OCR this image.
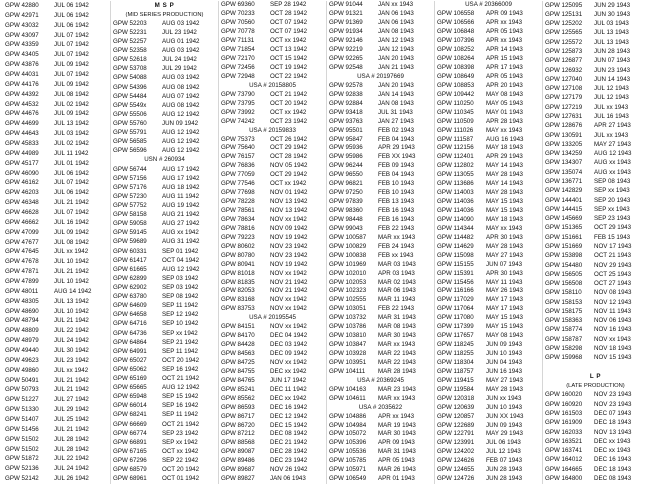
GPW 42880	JUL 06 1942
GPW 42971	JUL 06 1942
GPW 43032	JUL 06 1942
GPW 43097	JUL 07 1942
GPW 43359	JUL 07 1942
GPW 43405	JUL 07 1942
GPW 43876	JUL 09 1942
GPW 44031	JUL 07 1942
GPW 44176	JUL 09 1942
GPW 44392	JUL 08 1942
GPW 44532	JUL 02 1942
GPW 44676	JUL 09 1942
GPW 44699	JUL 13 1942
GPW 44643	JUL 03 1942
GPW 45833	JUL 02 1942
GPW 44989	JUL 11 1942
GPW 45177	JUL 01 1942
GPW 46090	JUL 06 1942
GPW 46162	JUL 07 1942
GPW 46203	JUL 06 1942
GPW 46348	JUL 21 1942
GPW 46628	JUL 07 1942
GPW 46662	JUL 16 1942
GPW 47099	JUL 09 1942
GPW 47677	JUL 08 1942
GPW 47645	JUL xx 1942
GPW 47678	JUL 10 1942
GPW 47871	JUL 21 1942
GPW 47899	JUL 10 1942
GPW 48011	AUG 14 1942
GPW 48305	JUL 13 1942
GPW 48690	JUL 10 1942
GPW 48794	JUL 21 1942
GPW 48809	JUL 22 1942
GPW 48979	JUL 24 1942
GPW 49440	JUL 30 1942
GPW 49623	JUL 23 1942
GPW 49860	JUL xx 1942
GPW 50491	JUL 21 1942
GPW 50793	JUL 21 1942
GPW 51227	JUL 27 1942
GPW 51330	JUL 29 1942
GPW 51407	JUL 25 1942
GPW 51456	JUL 21 1942
GPW 51502	JUL 28 1942
GPW 51502	JUL 28 1942
GPW 51872	JUL 22 1942
GPW 52136	JUL 24 1942
GPW 52142	JUL 26 1942
M S P
(MID SERIES PRODUCTION)
GPW 52203	AUG 03 1942
GPW 52231	JUL 23 1942
GPW 52257	AUG 01 1942
GPW 52358	AUG 03 1942
GPW 52618	JUL 24 1942
GPW 53708	JUL 29 1942
GPW 54088	AUG 03 1942
GPW 54396	AUG 08 1942
GPW 54484	AUG 07 1942
GPW 5549x	AUG 08 1942
GPW 55506	AUG 12 1942
GPW 55760	JUN 09 1942
GPW 55791	AUG 12 1942
GPW 56585	AUG 12 1942
GPW 56596	AUG 12 1942
USN # 260934
GPW 56744	AUG 17 1942
GPW 57156	AUG 17 1942
GPW 57176	AUG 18 1942
GPW 57230	AUG 11 1942
GPW 57752	AUG 19 1942
GPW 58158	AUG 21 1942
GPW 59058	AUG 27 1942
GPW 59145	AUG xx 1942
GPW 59689	AUG 31 1942
GPW 60331	SEP 01 1942
GPW 61417	OCT 04 1942
GPW 61665	AUG 12 1942
GPW 62899	SEP 03 1942
GPW 62902	SEP 03 1942
GPW 63780	SEP 08 1942
GPW 64609	SEP 11 1942
GPW 64658	SEP 12 1942
GPW 64716	SEP 10 1942
GPW 64736	SEP xx 1942
GPW 64864	SEP 21 1942
GPW 64991	SEP 11 1942
GPW 65027	OCT 20 1942
GPW 65062	SEP 16 1942
GPW 65169	OCT 21 1942
GPW 65665	AUG 12 1942
GPW 65948	SEP 15 1942
GPW 66014	SEP 16 1942
GPW 68241	SEP 11 1942
GPW 66669	OCT 21 1942
GPW 66774	SEP 23 1942
GPW 66891	SEP xx 1942
GPW 67165	OCT xx 1942
GPW 67296	SEP 22 1942
GPW 68579	OCT 20 1942
GPW 68961	OCT 01 1942
GPW 69360	SEP 28 1942
GPW 70233	OCT 28 1942
GPW 70560	OCT 07 1942
GPW 70778	OCT 07 1942
GPW 71131	OCT xx 1942
GPW 71854	OCT 13 1942
GPW 72170	OCT 15 1942
GPW 72456	OCT 19 1942
GPW 72948	OCT 22 1942
USA # 20158805
GPW 73790	OCT 21 1942
GPW 73795	OCT 20 1942
GPW 73992	OCT xx 1942
GPW 74242	OCT 23 1942
USA # 20159833
GPW 75373	OCT 26 1942
GPW 75640	OCT 29 1942
GPW 76157	OCT 28 1942
GPW 76836	NOV 05 1942
GPW 77059	OCT 29 1942
GPW 77546	OCT xx 1942
GPW 77698	NOV 01 1942
GPW 78228	NOV 13 1942
GPW 78561	NOV 13 1942
GPW 78634	NOV xx 1942
GPW 78816	NOV 09 1942
GPW 79223	NOV 19 1942
GPW 80602	NOV 23 1942
GPW 80780	NOV 23 1942
GPW 80941	NOV 19 1942
GPW 81018	NOV xx 1942
GPW 81835	NOV 21 1942
GPW 82053	NOV 21 1942
GPW 83168	NOV xx 1942
GPW 83753	NOV xx 1942
USA # 20195545
GPW 84151	NOV xx 1942
GPW 84170	DEC 04 1942
GPW 84428	DEC 03 1942
GPW 84563	DEC 09 1942
GPW 84725	NOV xx 1942
GPW 84755	DEC xx 1942
GPW 84765	JUN 17 1942
GPW 85241	DEC 11 1942
GPW 85562	DEC xx 1942
GPW 86593	DEC 16 1942
GPW 86717	DEC 12 1942
GPW 86720	DEC 15 1942
GPW 87212	DEC 08 1942
GPW 88568	DEC 21 1942
GPW 89087	DEC 28 1942
GPW 89486	DEC 23 1942
GPW 89687	NOV 26 1942
GPW 89827	JAN 06 1943
GPW 91044	JAN xx 1943
GPW 91321	JAN 06 1943
GPW 91369	JAN 06 1943
GPW 91934	JAN 08 1943
GPW 92146	JAN 12 1943
GPW 92219	JAN 12 1943
GPW 92265	JAN 20 1943
GPW 92548	JAN 21 1943
USA # 20197669
GPW 92578	JAN 20 1943
GPW 92838	JAN 14 1943
GPW 92884	JAN 08 1943
GPW 93418	JUL 31 1943
GPW 93763	JAN 27 1943
GPW 95501	FEB 02 1943
GPW 95847	FEB 04 1943
GPW 95936	APR 29 1943
GPW 95986	FEB XX 1943
GPW 96244	FEB 09 1943
GPW 96550	FEB 04 1943
GPW 96821	FEB 10 1943
GPW 97250	FEB 10 1943
GPW 97839	FEB 13 1943
GPW 98360	FEB 16 1943
GPW 98448	FEB 16 1943
GPW 99043	FEB 22 1943
GPW 100587	MAR xx 1943
GPW 100829	FEB 24 1943
GPW 100838	FEB xx 1943
GPW 101969	MAR 03 1943
GPW 102010	APR 03 1943
GPW 102053	MAR 02 1943
GPW 102323	MAR 06 1943
GPW 102555	MAR 11 1943
GPW 103051	FEB 22 1943
GPW 103732	MAR 31 1943
GPW 103786	MAR 08 1943
GPW 103810	MAR 30 1943
GPW 103847	MAR xx 1943
GPW 103928	MAR 22 1943
GPW 103951	MAR 22 1943
GPW 104111	MAR 28 1943
USA # 20369245
GPW 104163	MAR 23 1943
GPW 104611	MAR xx 1943
USA # 2035622
GPW 104886	APR xx 1943
GPW 104984	MAR 19 1943
GPW 105072	MAR 30 1943
GPW 105396	APR 09 1943
GPW 105536	MAR 31 1943
GPW 105785	APR 05 1943
GPW 105971	MAR 26 1943
GPW 106549	APR 01 1943
USA # 20366009
GPW 106558	APR 09 1943
GPW 106566	APR xx 1943
GPW 106848	APR 05 1943
GPW 107396	APR xx 1943
GPW 108252	APR 14 1943
GPW 108264	APR 15 1943
GPW 108398	APR 17 1943
GPW 108649	APR 05 1943
GPW 108853	APR 20 1943
GPW 109442	MAY 08 1943
GPW 110250	MAY 05 1943
GPW 110345	MAY 01 1943
GPW 110509	APR 28 1943
GPW 111026	MAY xx 1943
GPW 111587	AUG 16 1943
GPW 112156	MAY 18 1943
GPW 112401	APR 29 1943
GPW 112802	MAY 14 1943
GPW 113055	MAY 28 1943
GPW 113686	MAY 14 1943
GPW 114003	MAY 28 1943
GPW 114036	MAY 15 1943
GPW 114036	MAY 15 1943
GPW 114090	MAY 18 1943
GPW 114344	MAY xx 1943
GPW 114482	APR 30 1943
GPW 114629	MAY 28 1943
GPW 115098	MAY 27 1943
GPW 115155	JUN 07 1943
GPW 115391	APR 30 1943
GPW 115456	MAY 11 1943
GPW 116166	MAY 26 1943
GPW 117029	MAY 17 1943
GPW 117064	MAY 17 1943
GPW 117080	MAY 15 1943
GPW 117399	MAY 15 1943
GPW 117657	MAY 08 1943
GPW 118245	JUN 09 1943
GPW 118255	JUN 10 1943
GPW 118304	JUN 04 1943
GPW 118757	JUN 16 1943
GPW 119415	MAY 27 1943
GPW 119584	MAY 28 1943
GPW 120318	JUN xx 1943
GPW 120639	JUN 10 1943
GPW 120857	JUN XX 1943
GPW 122689	JUN 09 1943
GPW 122791	MAY 29 1943
GPW 123991	JUL 06 1943
GPW 124202	JUL 12 1943
GPW 124626	FEB 07 1943
GPW 124655	JUN 28 1943
GPW 124726	JUN 28 1943
GPW 125095	JUN 29 1943
GPW 125131	JUN 30 1943
GPW 125202	JUL 03 1943
GPW 125565	JUL 13 1943
GPW 125572	JUL 13 1943
GPW 125873	JUN 28 1943
GPW 126877	JUN 07 1943
GPW 126932	JUN 23 1943
GPW 127040	JUN 14 1943
GPW 127108	JUL 12 1943
GPW 127179	JUL 12 1943
GPW 127219	JUL xx 1943
GPW 127631	JUL 16 1943
GPW 128676	APR 27 1943
GPW 130591	JUL xx 1943
GPW 133205	MAY 27 1943
GPW 134259	AUG 12 1943
GPW 134307	AUG xx 1943
GPW 135074	AUG xx 1943
GPW 136771	SEP 08 1943
GPW 142829	SEP xx 1943
GPW 144401	SEP 20 1943
GPW 144415	SEP xx 1943
GPW 145669	SEP 23 1943
GPW 151365	OCT 29 1943
GPW 151661	FEB 15 1943
GPW 151669	NOV 17 1943
GPW 153898	OCT 21 1943
GPW 154480	NOV 29 1943
GPW 156505	OCT 25 1943
GPW 156508	OCT 27 1943
GPW 158110	NOV 08 1943
GPW 158153	NOV 12 1943
GPW 158175	NOV 11 1943
GPW 158363	NOV 06 1943
GPW 158774	NOV 16 1943
GPW 158787	NOV xx 1943
GPW 158298	NOV 18 1943
GPW 159968	NOV 15 1943
L P
(LATE PRODUCTION)
GPW 160020	NOV 23 1943
GPW 160920	NOV 23 1943
GPW 161503	DEC 07 1943
GPW 161909	DEC 18 1943
GPW 162033	NOV 13 1943
GPW 163521	DEC xx 1943
GPW 163741	DEC xx 1943
GPW 164012	DEC 16 1943
GPW 164665	DEC 18 1943
GPW 164800	DEC 08 1943
